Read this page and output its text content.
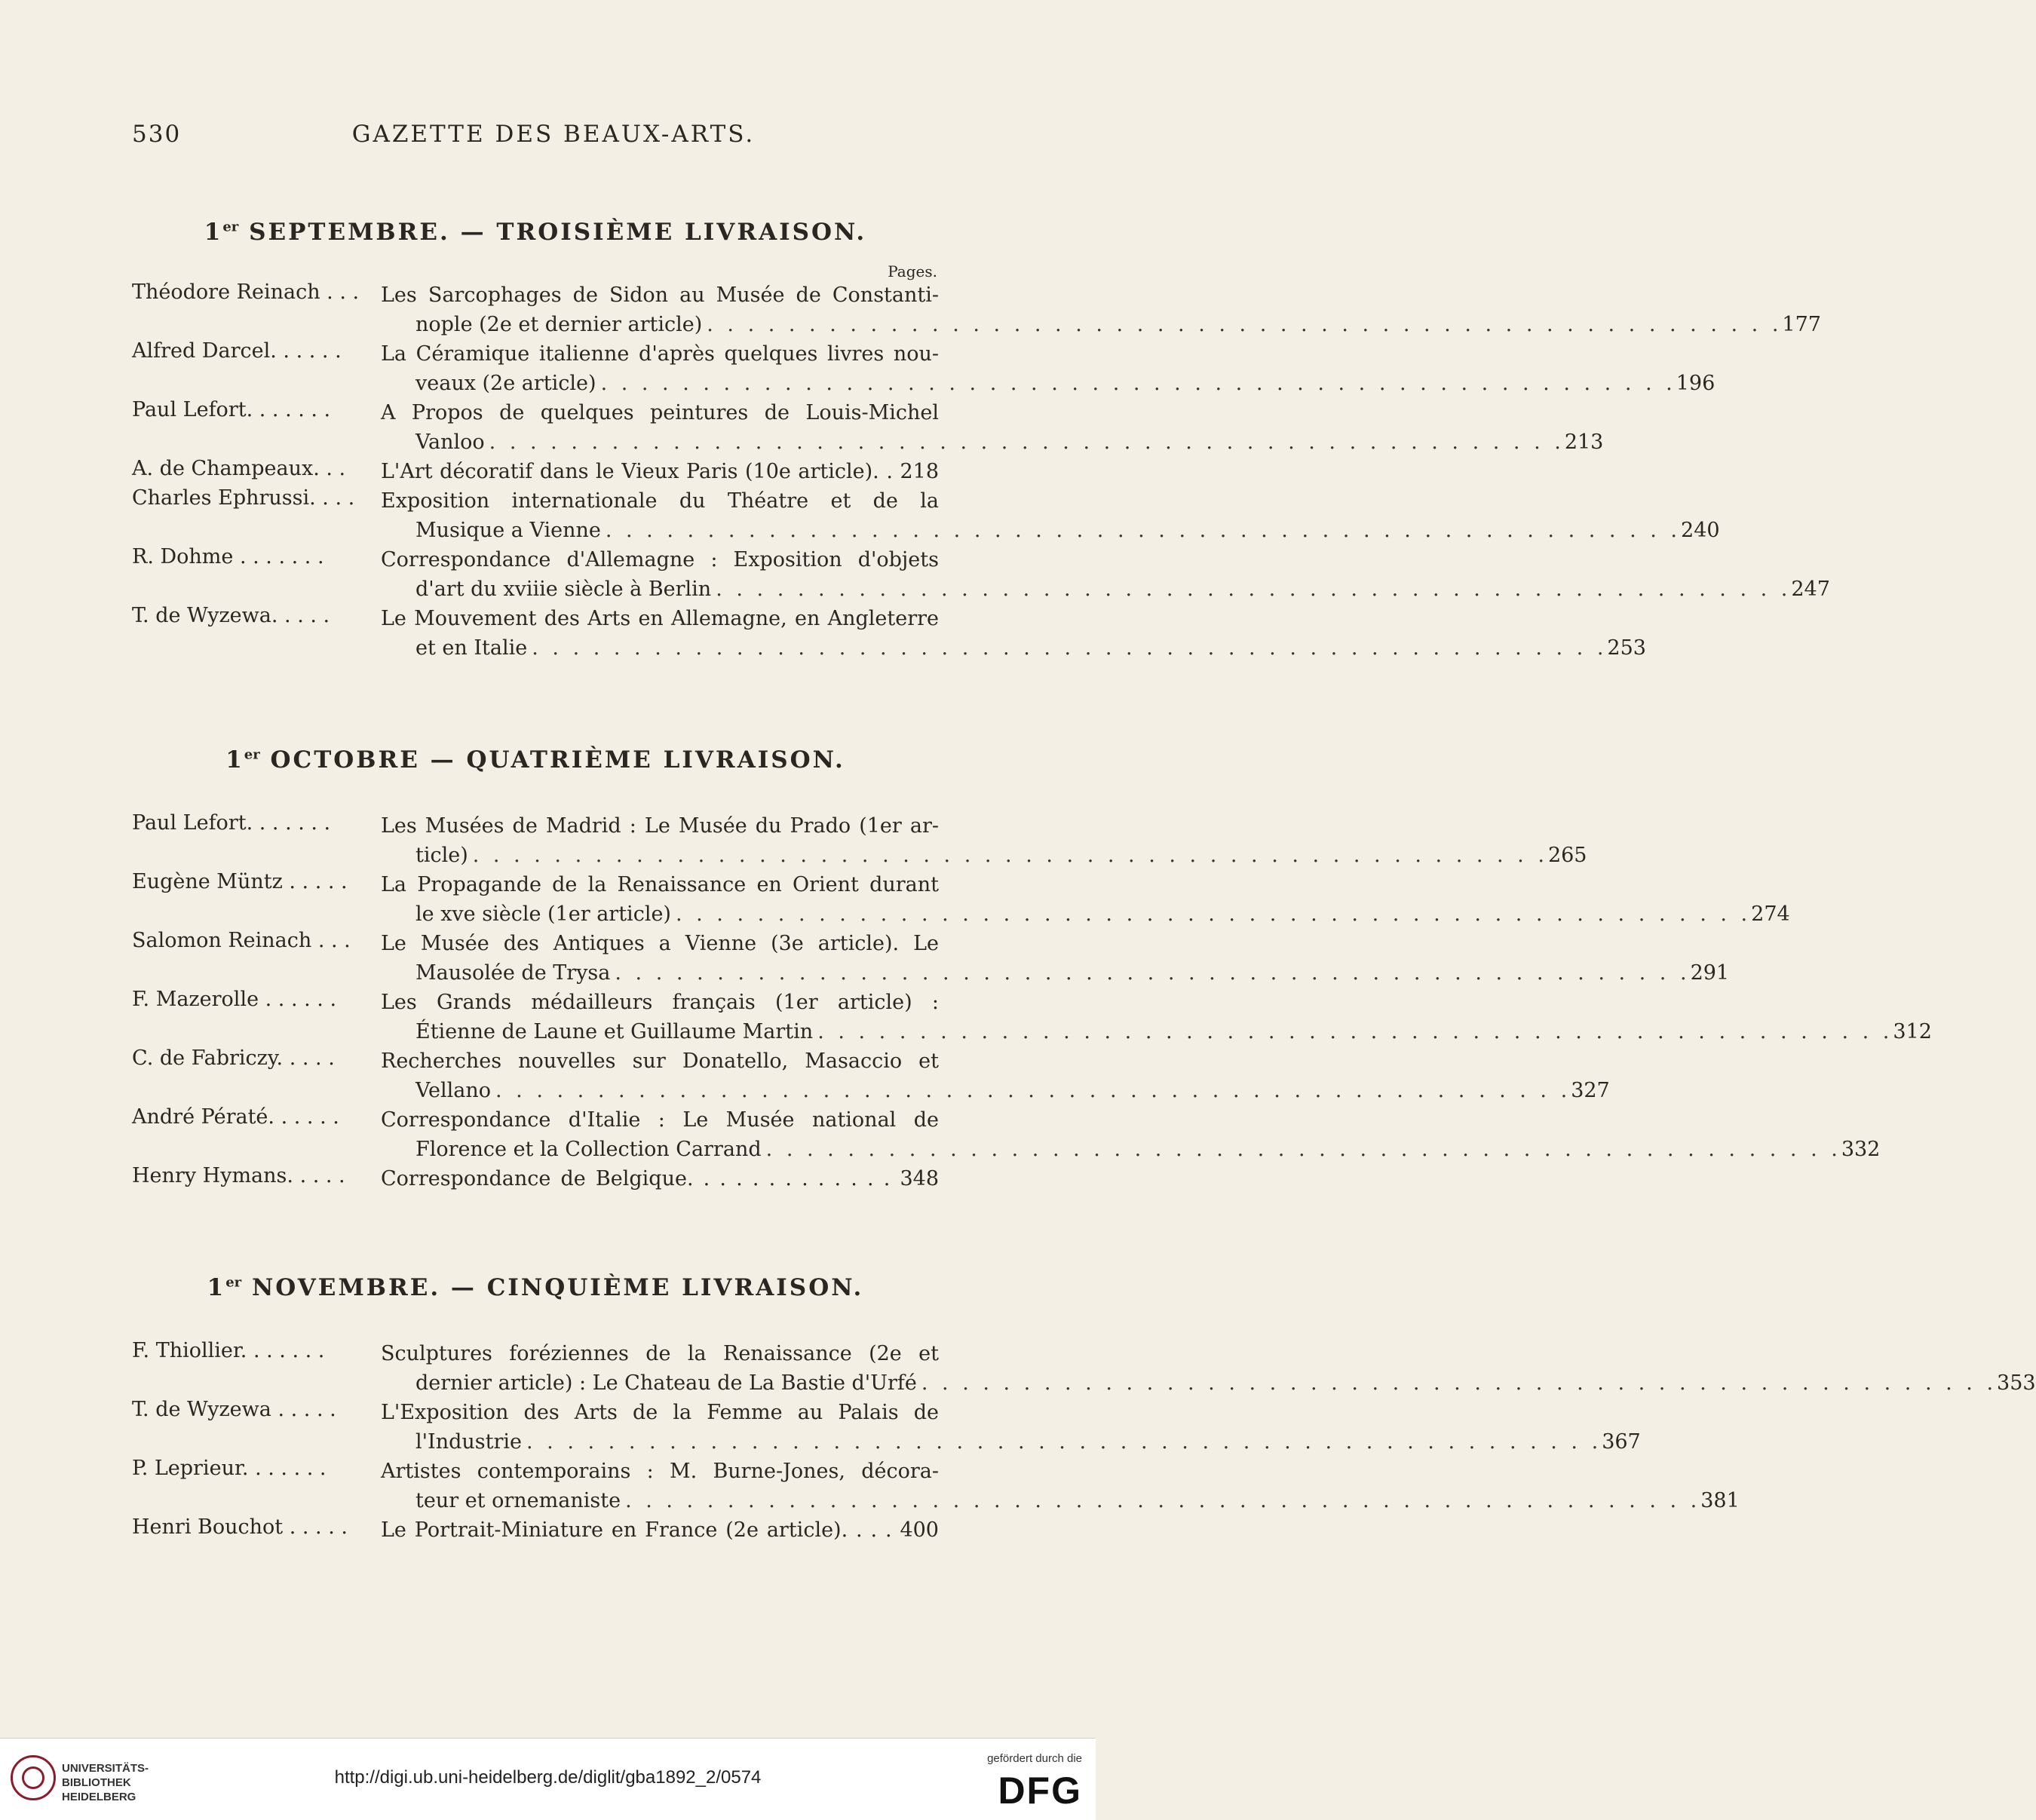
530	GAZETTE DES BEAUX-ARTS.
1er SEPTEMBRE. — TROISIÈME LIVRAISON.
Pages.
Théodore Reinach . . .	Les Sarcophages de Sidon au Musée de Constanti-
nople (2e et dernier article) . . .	177
Alfred Darcel. . . . . .	La Céramique italienne d'après quelques livres nou-
veaux (2e article) . . .	196
Paul Lefort. . . . . . .	A Propos de quelques peintures de Louis-Michel
Vanloo . . .	213
A. de Champeaux. . .	L'Art décoratif dans le Vieux Paris (10e article). . 218
Charles Ephrussi. . . .	Exposition internationale du Théatre et de la
Musique a Vienne . . .	240
R. Dohme . . . . . . .	Correspondance d'Allemagne : Exposition d'objets
d'art du xviiie siècle à Berlin . . .	247
T. de Wyzewa. . . . .	Le Mouvement des Arts en Allemagne, en Angleterre
et en Italie . . .	253
1er OCTOBRE — QUATRIÈME LIVRAISON.
Paul Lefort. . . . . . .	Les Musées de Madrid : Le Musée du Prado (1er ar-
ticle) . . .	265
Eugène Müntz . . . . .	La Propagande de la Renaissance en Orient durant
le xve siècle (1er article) . . .	274
Salomon Reinach . . .	Le Musée des Antiques a Vienne (3e article). Le
Mausolée de Trysa . . .	291
F. Mazerolle . . . . . .	Les Grands médailleurs français (1er article) :
Étienne de Laune et Guillaume Martin . . .	312
C. de Fabriczy. . . . .	Recherches nouvelles sur Donatello, Masaccio et
Vellano . . .	327
André Pératé. . . . . .	Correspondance d'Italie : Le Musée national de
Florence et la Collection Carrand . . .	332
Henry Hymans. . . . .	Correspondance de Belgique. . . . . . . . . . . . . 348
1er NOVEMBRE. — CINQUIÈME LIVRAISON.
F. Thiollier. . . . . . .	Sculptures foréziennes de la Renaissance (2e et
dernier article) : Le Chateau de La Bastie d'Urfé . . .	353
T. de Wyzewa . . . . .	L'Exposition des Arts de la Femme au Palais de
l'Industrie . . .	367
P. Leprieur. . . . . . .	Artistes contemporains : M. Burne-Jones, décora-
teur et ornemaniste . . .	381
Henri Bouchot . . . . .	Le Portrait-Miniature en France (2e article). . . . 400
UNIVERSITÄTS-
BIBLIOTHEK
HEIDELBERG
http://digi.ub.uni-heidelberg.de/diglit/gba1892_2/0574
gefördert durch die
DFG
